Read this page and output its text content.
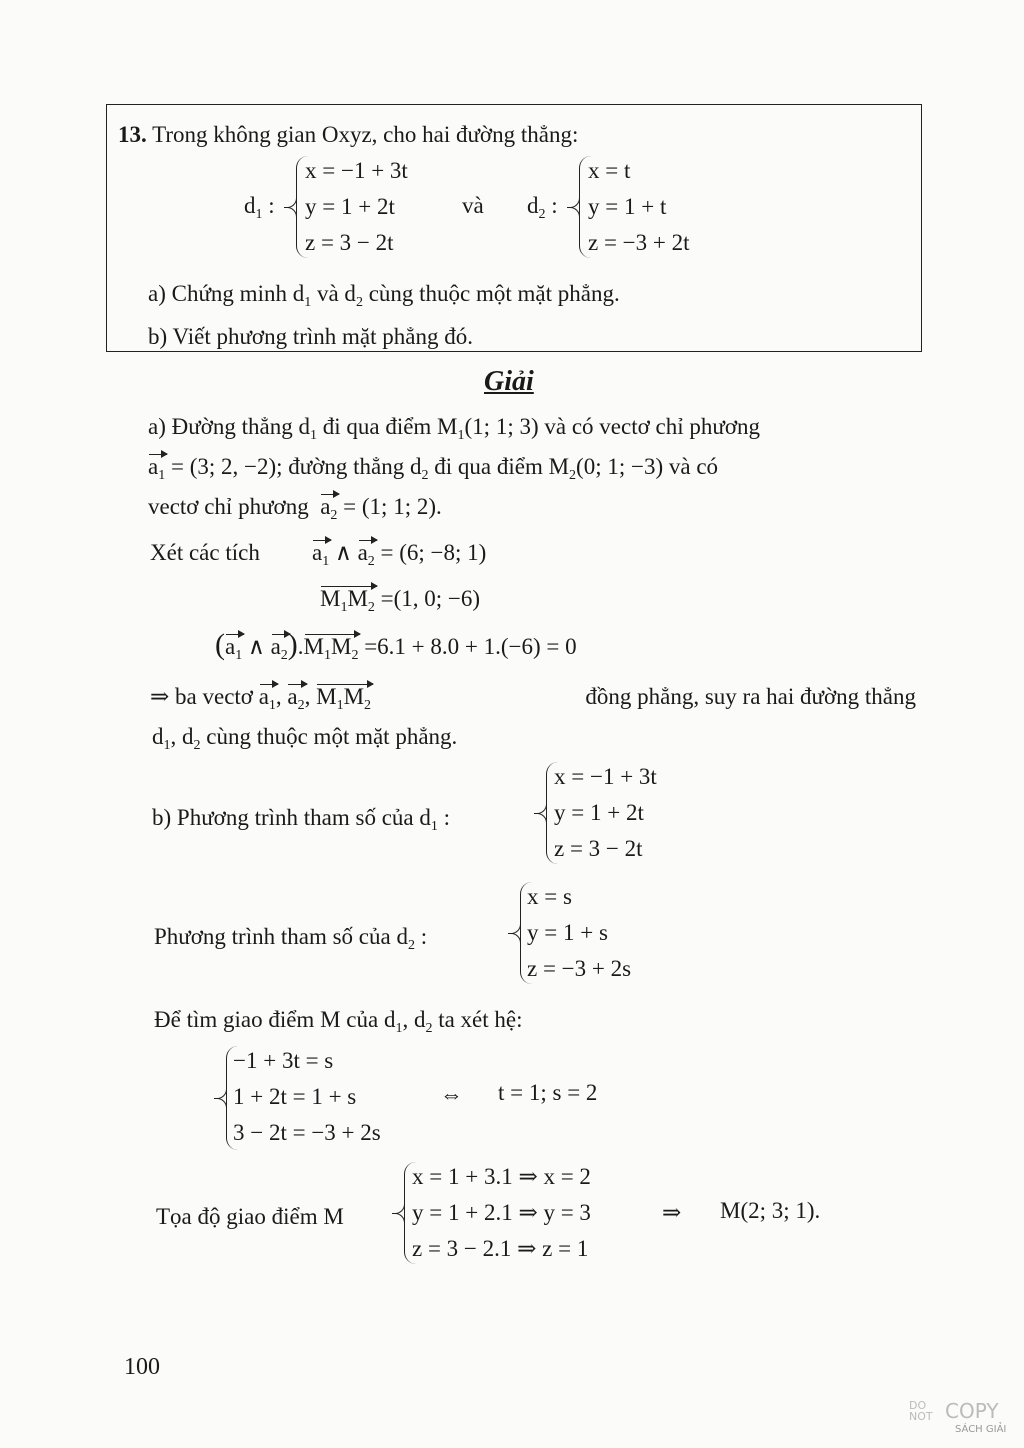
13. Trong không gian Oxyz, cho hai đường thẳng:
$d_1$ :
x = −1 + 3t
y = 1 + 2t
z = 3 − 2t
và $d_2$ :
x = t
y = 1 + t
z = −3 + 2t
a) Chứng minh $d_1$ và $d_2$ cùng thuộc một mặt phẳng.
b) Viết phương trình mặt phẳng đó.
Giải
a) Đường thẳng $d_1$ đi qua điểm $M_1(1$; 1; 3) và có vectơ chỉ phương
$a_1 = (3$; 2, −2); đường thẳng $d_2$ đi qua điểm $M_2(0$; 1; −3) và có
vectơ chỉ phương $a_2 = (1$; 1; 2).
Xét các tích $a_1$ ∧ $a_2 = (6$; −8; 1)
$M_1M_2 =(1$, 0; −6)
($a_1$ ∧ $a_2).M_1M_2 =6.1 + 8.0 + 1.(-6) = 0$
⇒ ba vectơ $a_1$, $a_2$, $M_1M_2$	đồng phẳng, suy ra hai đường thẳng
$d_1$, $d_2$ cùng thuộc một mặt phẳng.
b) Phương trình tham số của $d_1$ :
x = −1 + 3t
y = 1 + 2t
z = 3 − 2t
Phương trình tham số của $d_2$ :
x = s
y = 1 + s
z = −3 + 2s
Để tìm giao điểm M của $d_1$, $d_2$ ta xét hệ:
−1 + 3t = s
1 + 2t = 1 + s
3 − 2t = −3 + 2s
⇔ t = 1; s = 2
Tọa độ giao điểm M
x = 1 + 3.1 ⇒ x = 2
y = 1 + 2.1 ⇒ y = 3
z = 3 − 2.1 ⇒ z = 1
⇒ M(2; 3; 1).
100
DO
NOT COPY
SÁCH GIẢI
